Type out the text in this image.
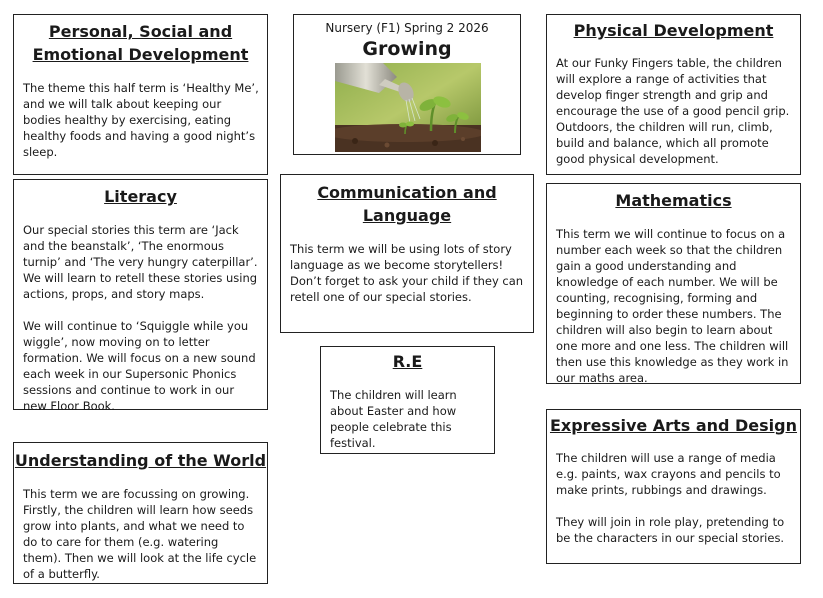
Personal, Social and Emotional Development

The theme this half term is ‘Healthy Me’, and we will talk about keeping our bodies healthy by exercising, eating healthy foods and having a good night’s sleep.

Nursery (F1) Spring 2 2026

Growing
Physical Development

At our Funky Fingers table, the children will explore a range of activities that develop finger strength and grip and encourage the use of a good pencil grip. Outdoors, the children will run, climb, build and balance, which all promote good physical development.

Literacy

Our special stories this term are ‘Jack and the beanstalk’, ‘The enormous turnip’ and ‘The very hungry caterpillar’. We will learn to retell these stories using actions, props, and story maps.

We will continue to ‘Squiggle while you wiggle’, now moving on to letter formation. We will focus on a new sound each week in our Supersonic Phonics sessions and continue to work in our new Floor Book.

Communication and Language

This term we will be using lots of story language as we become storytellers! Don’t forget to ask your child if they can retell one of our special stories.

R.E

The children will learn about Easter and how people celebrate this festival.

Mathematics

This term we will continue to focus on a number each week so that the children gain a good understanding and knowledge of each number. We will be counting, recognising, forming and beginning to order these numbers. The children will also begin to learn about one more and one less. The children will then use this knowledge as they work in our maths area.

Understanding of the World

This term we are focussing on growing. Firstly, the children will learn how seeds grow into plants, and what we need to do to care for them (e.g. watering them). Then we will look at the life cycle of a butterfly.

Expressive Arts and Design

The children will use a range of media e.g. paints, wax crayons and pencils to make prints, rubbings and drawings.

They will join in role play, pretending to be the characters in our special stories.
